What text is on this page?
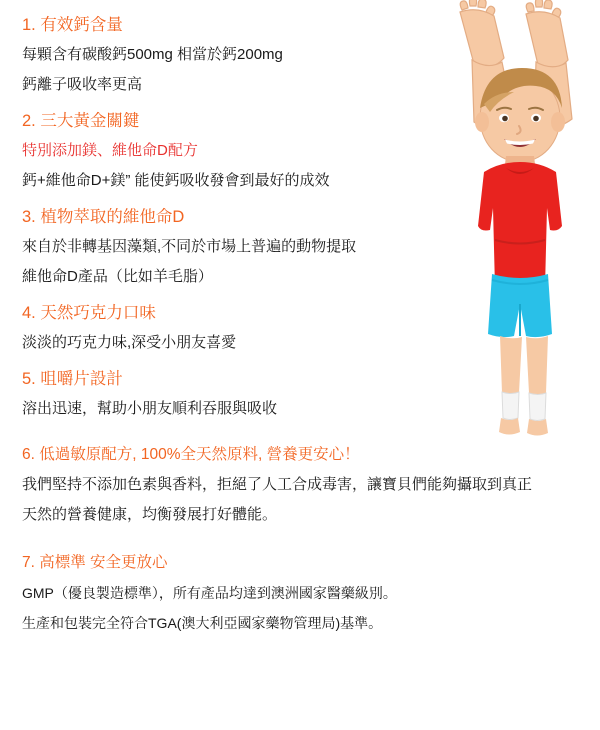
1. 有效鈣含量
每顆含有碳酸鈣500mg 相當於鈣200mg
鈣離子吸收率更高
2. 三大黃金關鍵
特別添加鎂、維他命D配方
鈣+維他命D+鎂” 能使鈣吸收發會到最好的成效
3. 植物萃取的維他命D
來自於非轉基因藻類,不同於市場上普遍的動物提取
維他命D產品（比如羊毛脂）
4. 天然巧克力口味
淡淡的巧克力味,深受小朋友喜愛
5. 咀嚼片設計
溶出迅速，幫助小朋友順利吞服與吸收
6. 低過敏原配方, 100%全天然原料, 營養更安心！
我們堅持不添加色素與香料，拒絕了人工合成毒害，讓寶貝們能夠攝取到真正
天然的營養健康，均衡發展打好體能。
7. 高標準 安全更放心
GMP（優良製造標準），所有產品均達到澳洲國家醫藥級別。
生產和包裝完全符合TGA(澳大利亞國家藥物管理局)基準。
